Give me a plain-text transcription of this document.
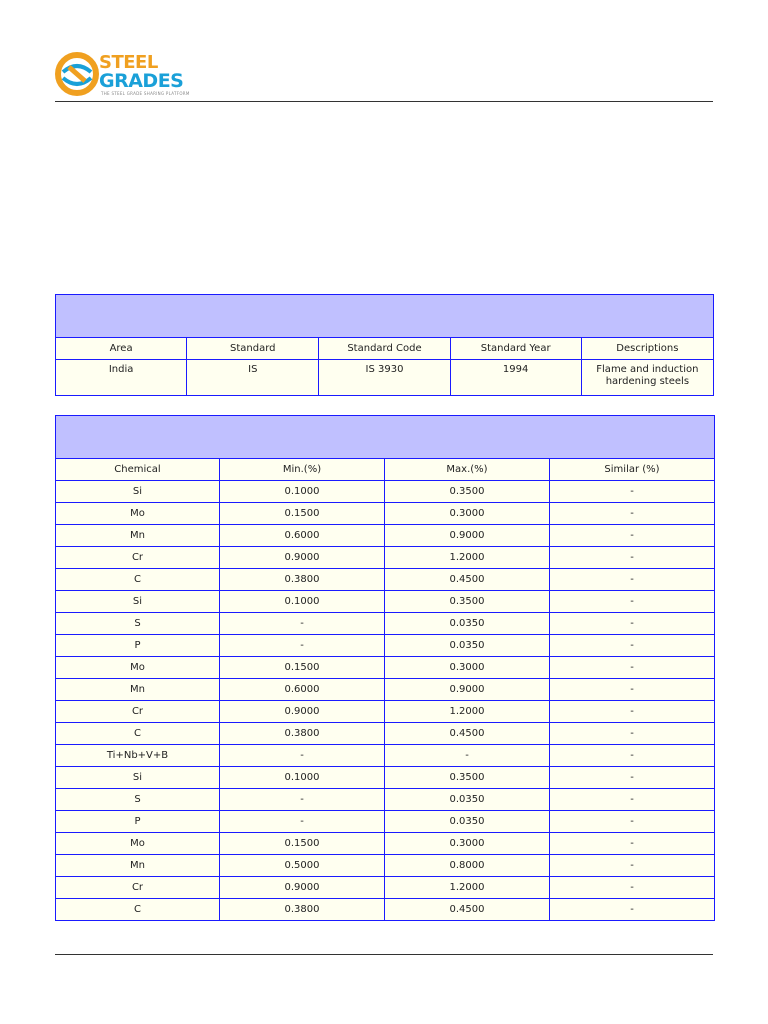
STEEL
GRADES
THE STEEL GRADE SHARING PLATFORM

Area	Standard	Standard Code	Standard Year	Descriptions
India	IS	IS 3930	1994	Flame and induction hardening steels

Chemical	Min.(%)	Max.(%)	Similar (%)
Si	0.1000	0.3500	-
Mo	0.1500	0.3000	-
Mn	0.6000	0.9000	-
Cr	0.9000	1.2000	-
C	0.3800	0.4500	-
Si	0.1000	0.3500	-
S	-	0.0350	-
P	-	0.0350	-
Mo	0.1500	0.3000	-
Mn	0.6000	0.9000	-
Cr	0.9000	1.2000	-
C	0.3800	0.4500	-
Ti+Nb+V+B	-	-	-
Si	0.1000	0.3500	-
S	-	0.0350	-
P	-	0.0350	-
Mo	0.1500	0.3000	-
Mn	0.5000	0.8000	-
Cr	0.9000	1.2000	-
C	0.3800	0.4500	-
